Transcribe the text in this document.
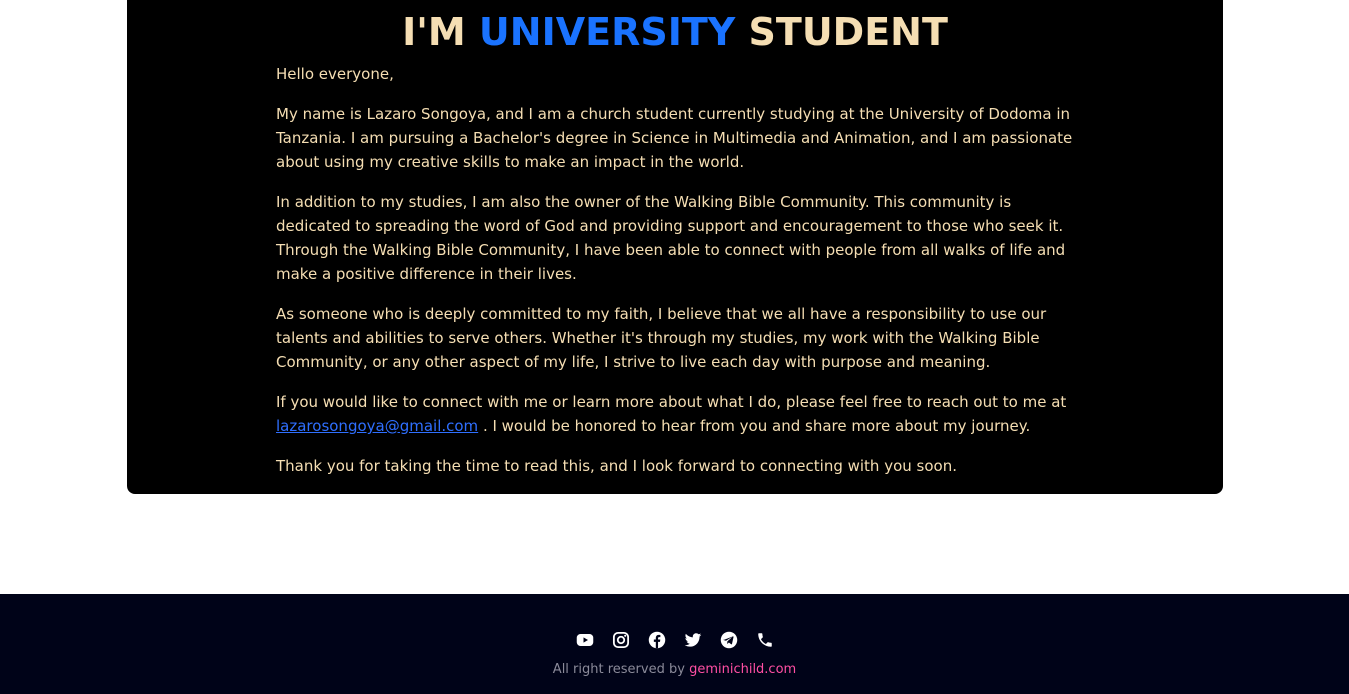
I'M UNIVERSITY STUDENT

Hello everyone,

My name is Lazaro Songoya, and I am a church student currently studying at the University of Dodoma in Tanzania. I am pursuing a Bachelor's degree in Science in Multimedia and Animation, and I am passionate about using my creative skills to make an impact in the world.

In addition to my studies, I am also the owner of the Walking Bible Community. This community is dedicated to spreading the word of God and providing support and encouragement to those who seek it. Through the Walking Bible Community, I have been able to connect with people from all walks of life and make a positive difference in their lives.

As someone who is deeply committed to my faith, I believe that we all have a responsibility to use our talents and abilities to serve others. Whether it's through my studies, my work with the Walking Bible Community, or any other aspect of my life, I strive to live each day with purpose and meaning.

If you would like to connect with me or learn more about what I do, please feel free to reach out to me at lazarosongoya@gmail.com . I would be honored to hear from you and share more about my journey.

Thank you for taking the time to read this, and I look forward to connecting with you soon.

All right reserved by geminichild.com
